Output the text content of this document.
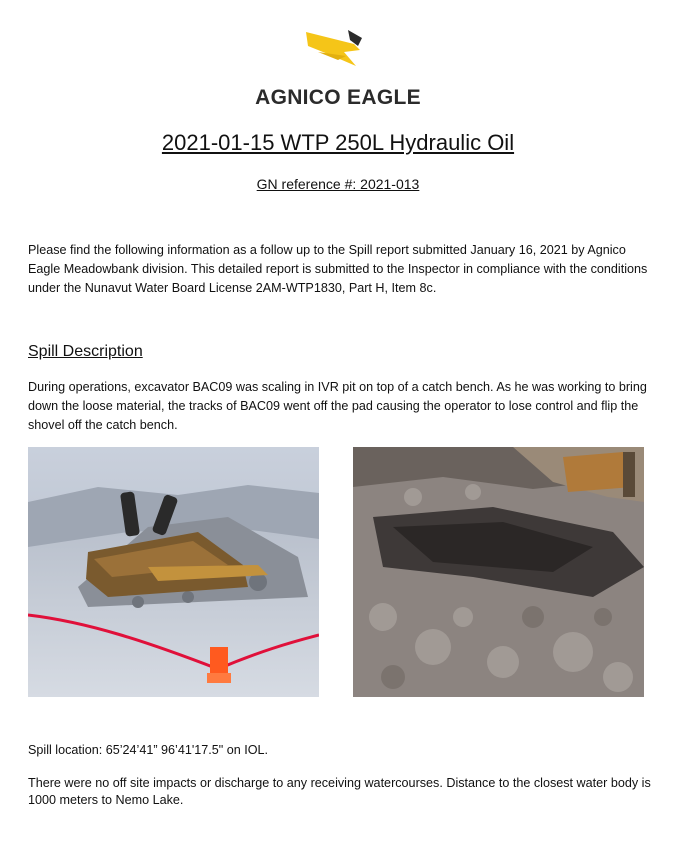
AGNICO EAGLE
2021-01-15 WTP 250L Hydraulic Oil
GN reference #: 2021-013
Please find the following information as a follow up to the Spill report submitted January 16, 2021 by Agnico Eagle Meadowbank division. This detailed report is submitted to the Inspector in compliance with the conditions under the Nunavut Water Board License 2AM-WTP1830, Part H, Item 8c.
Spill Description
During operations, excavator BAC09 was scaling in IVR pit on top of a catch bench. As he was working to bring down the loose material, the tracks of BAC09 went off the pad causing the operator to lose control and flip the shovel off the catch bench.
Spill location: 65’24’41” 96’41'17.5" on IOL.
There were no off site impacts or discharge to any receiving watercourses. Distance to the closest water body is 1000 meters to Nemo Lake.
